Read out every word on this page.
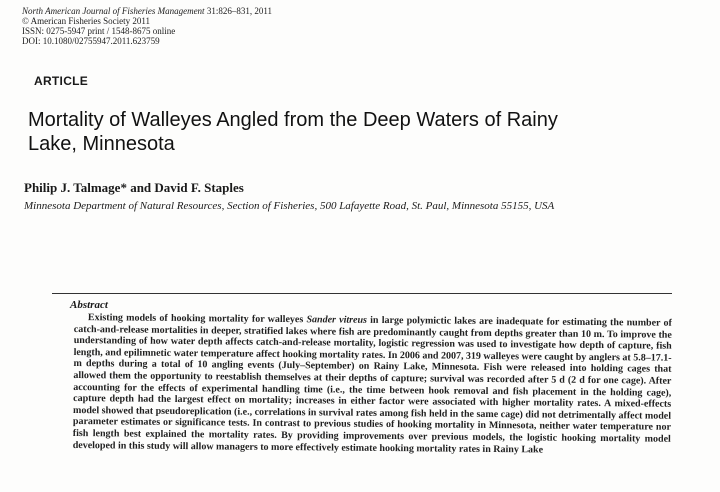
North American Journal of Fisheries Management 31:826–831, 2011
© American Fisheries Society 2011
ISSN: 0275-5947 print / 1548-8675 online
DOI: 10.1080/02755947.2011.623759
ARTICLE
Mortality of Walleyes Angled from the Deep Waters of Rainy Lake, Minnesota
Philip J. Talmage* and David F. Staples
Minnesota Department of Natural Resources, Section of Fisheries, 500 Lafayette Road, St. Paul, Minnesota 55155, USA
Abstract
Existing models of hooking mortality for walleyes Sander vitreus in large polymictic lakes are inadequate for estimating the number of catch-and-release mortalities in deeper, stratified lakes where fish are predominantly caught from depths greater than 10 m. To improve the understanding of how water depth affects catch-and-release mortality, logistic regression was used to investigate how depth of capture, fish length, and epilimnetic water temperature affect hooking mortality rates. In 2006 and 2007, 319 walleyes were caught by anglers at 5.8–17.1-m depths during a total of 10 angling events (July–September) on Rainy Lake, Minnesota. Fish were released into holding cages that allowed them the opportunity to reestablish themselves at their depths of capture; survival was recorded after 5 d (2 d for one cage). After accounting for the effects of experimental handling time (i.e., the time between hook removal and fish placement in the holding cage), capture depth had the largest effect on mortality; increases in either factor were associated with higher mortality rates. A mixed-effects model showed that pseudoreplication (i.e., correlations in survival rates among fish held in the same cage) did not detrimentally affect model parameter estimates or significance tests. In contrast to previous studies of hooking mortality in Minnesota, neither water temperature nor fish length best explained the mortality rates. By providing improvements over previous models, the logistic hooking mortality model developed in this study will allow managers to more effectively estimate hooking mortality rates in Rainy Lake
